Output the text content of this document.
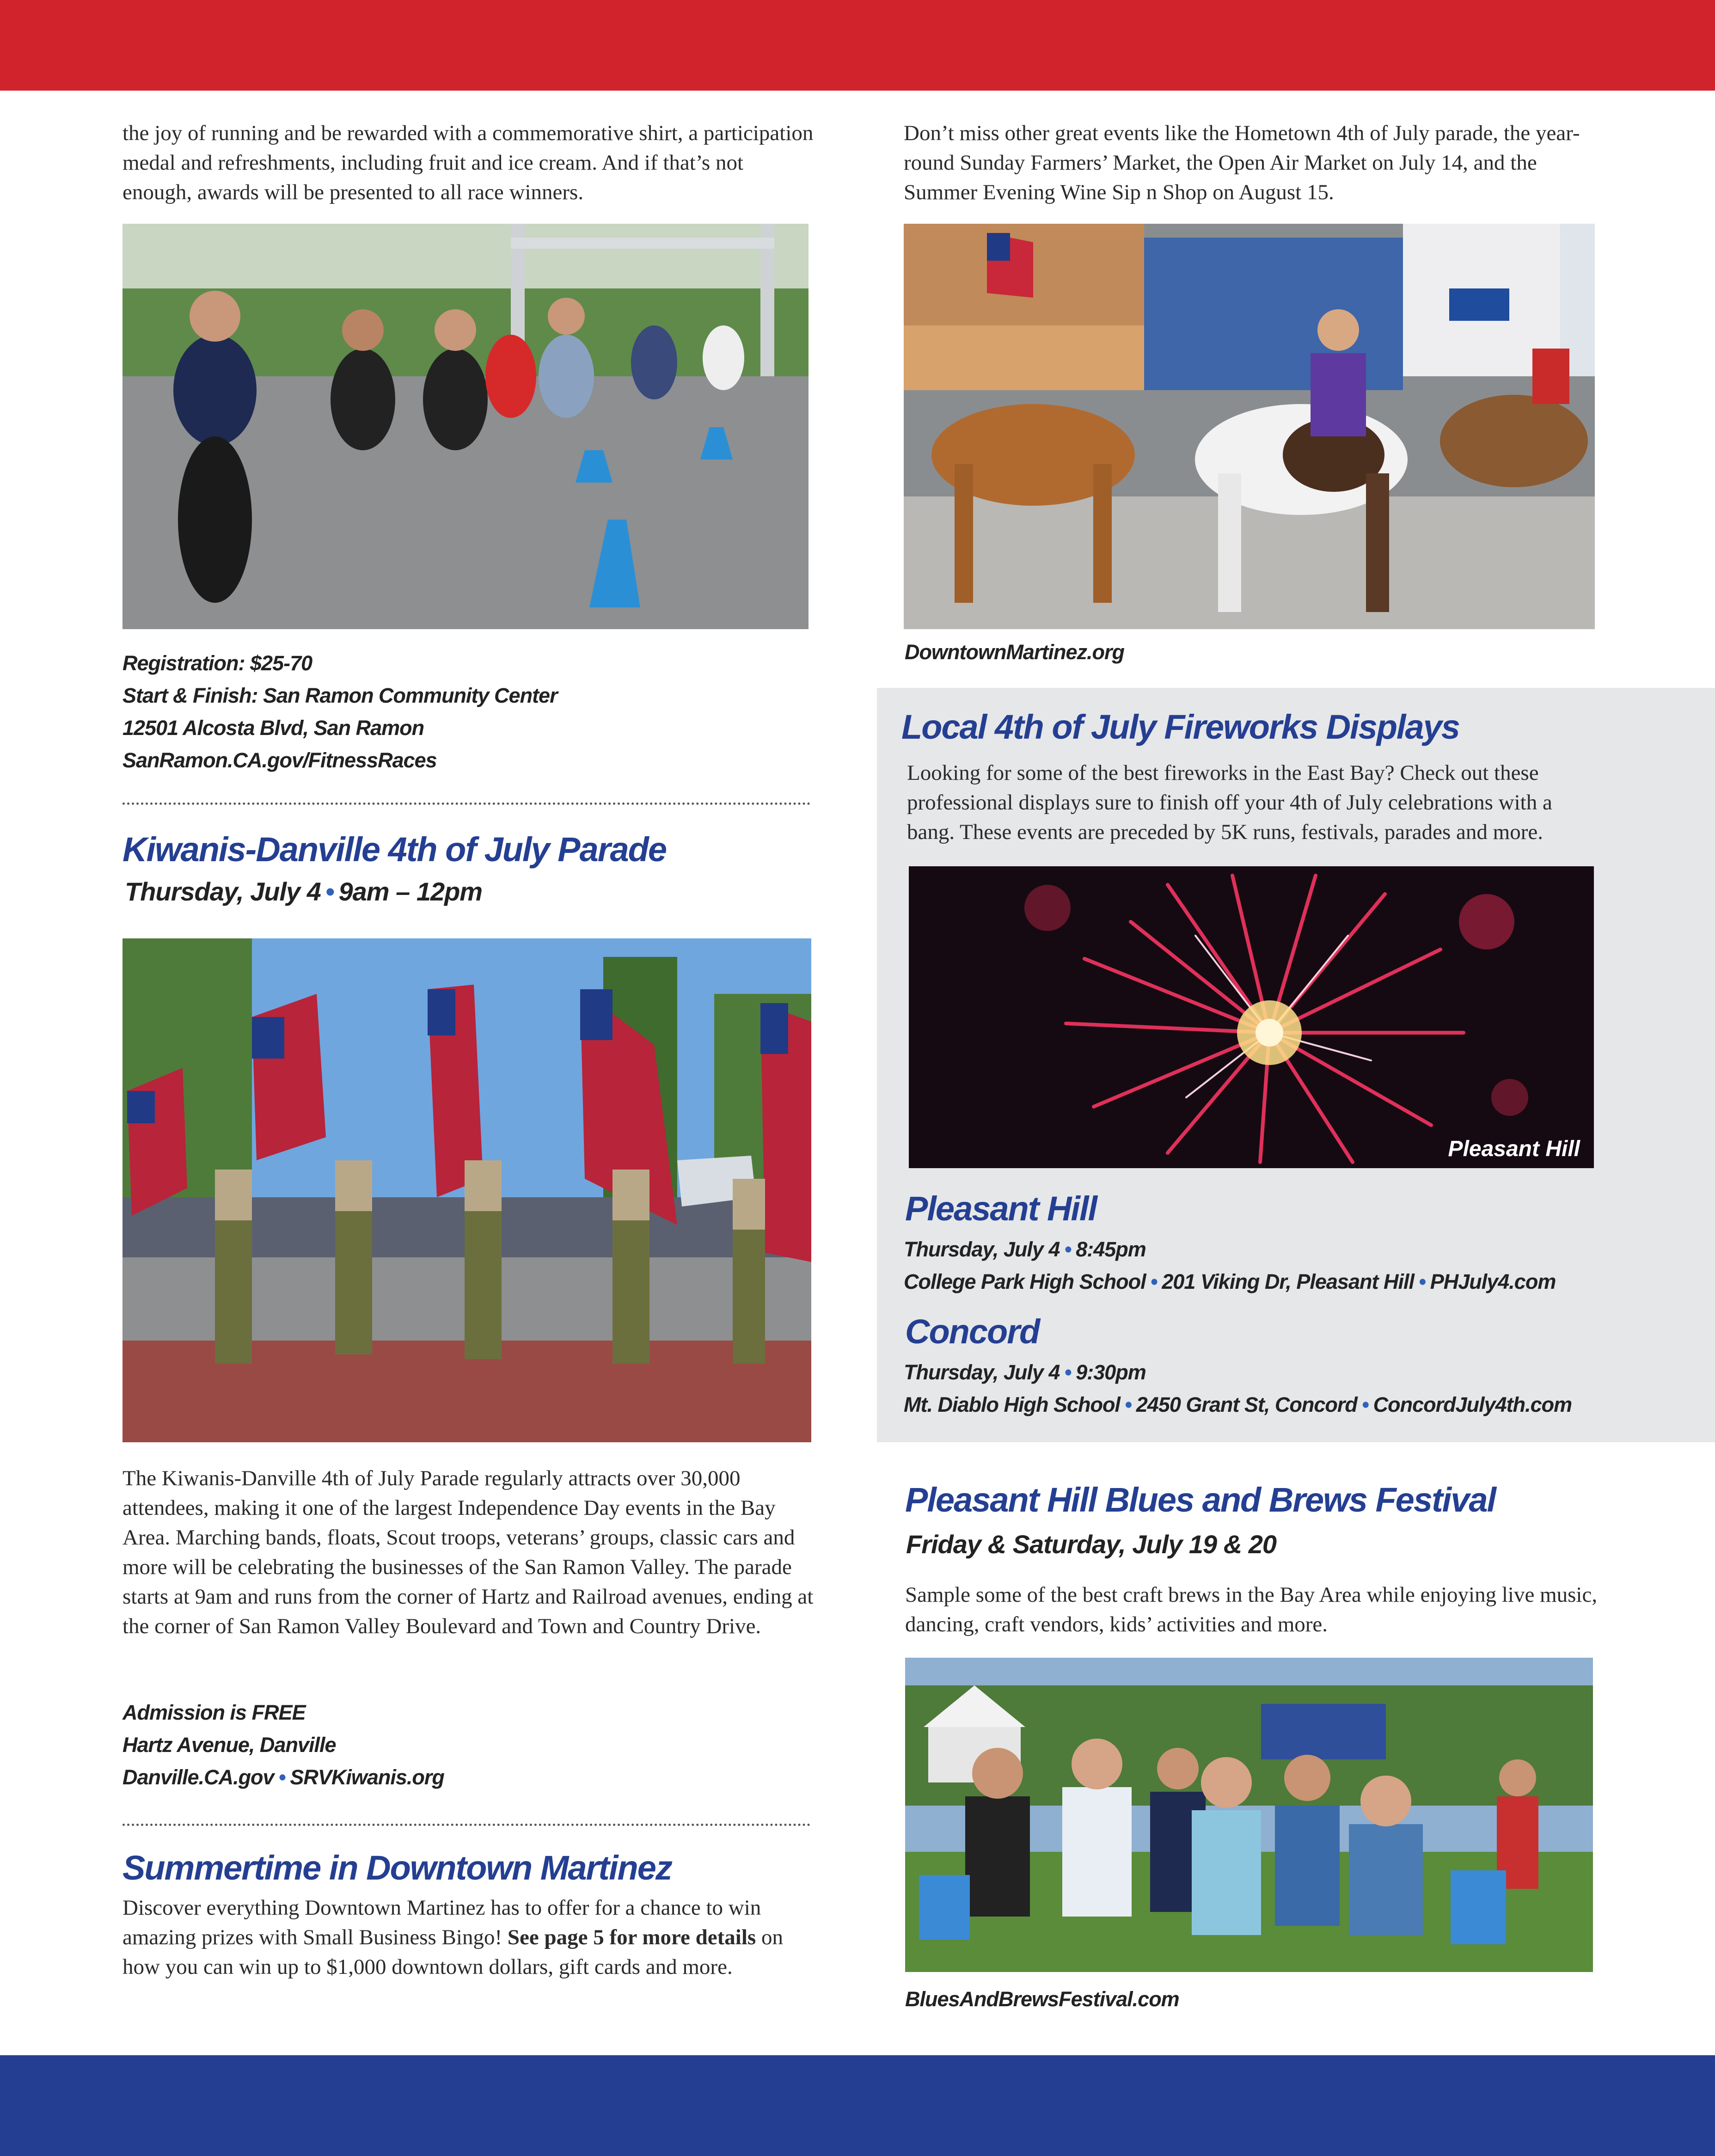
the joy of running and be rewarded with a commemorative shirt, a participation medal and refreshments, including fruit and ice cream. And if that’s not enough, awards will be presented to all race winners.

Registration: $25-70
Start & Finish: San Ramon Community Center
12501 Alcosta Blvd, San Ramon
SanRamon.CA.gov/FitnessRaces
Kiwanis-Danville 4th of July Parade
Thursday, July 4 • 9am – 12pm

The Kiwanis-Danville 4th of July Parade regularly attracts over 30,000 attendees, making it one of the largest Independence Day events in the Bay Area. Marching bands, floats, Scout troops, veterans’ groups, classic cars and more will be celebrating the businesses of the San Ramon Valley. The parade starts at 9am and runs from the corner of Hartz and Railroad avenues, ending at the corner of San Ramon Valley Boulevard and Town and Country Drive.

Admission is FREE
Hartz Avenue, Danville
Danville.CA.gov • SRVKiwanis.org
Summertime in Downtown Martinez

Discover everything Downtown Martinez has to offer for a chance to win amazing prizes with Small Business Bingo! See page 5 for more details on how you can win up to $1,000 downtown dollars, gift cards and more.

Don’t miss other great events like the Hometown 4th of July parade, the year-round Sunday Farmers’ Market, the Open Air Market on July 14, and the Summer Evening Wine Sip n Shop on August 15.

DowntownMartinez.org
Local 4th of July Fireworks Displays

Looking for some of the best fireworks in the East Bay? Check out these professional displays sure to finish off your 4th of July celebrations with a bang. These events are preceded by 5K runs, festivals, parades and more.

Pleasant Hill
Pleasant Hill
Thursday, July 4 • 8:45pm
College Park High School • 201 Viking Dr, Pleasant Hill • PHJuly4.com
Concord
Thursday, July 4 • 9:30pm
Mt. Diablo High School • 2450 Grant St, Concord • ConcordJuly4th.com
Pleasant Hill Blues and Brews Festival
Friday & Saturday, July 19 & 20

Sample some of the best craft brews in the Bay Area while enjoying live music, dancing, craft vendors, kids’ activities and more.

BluesAndBrewsFestival.com
